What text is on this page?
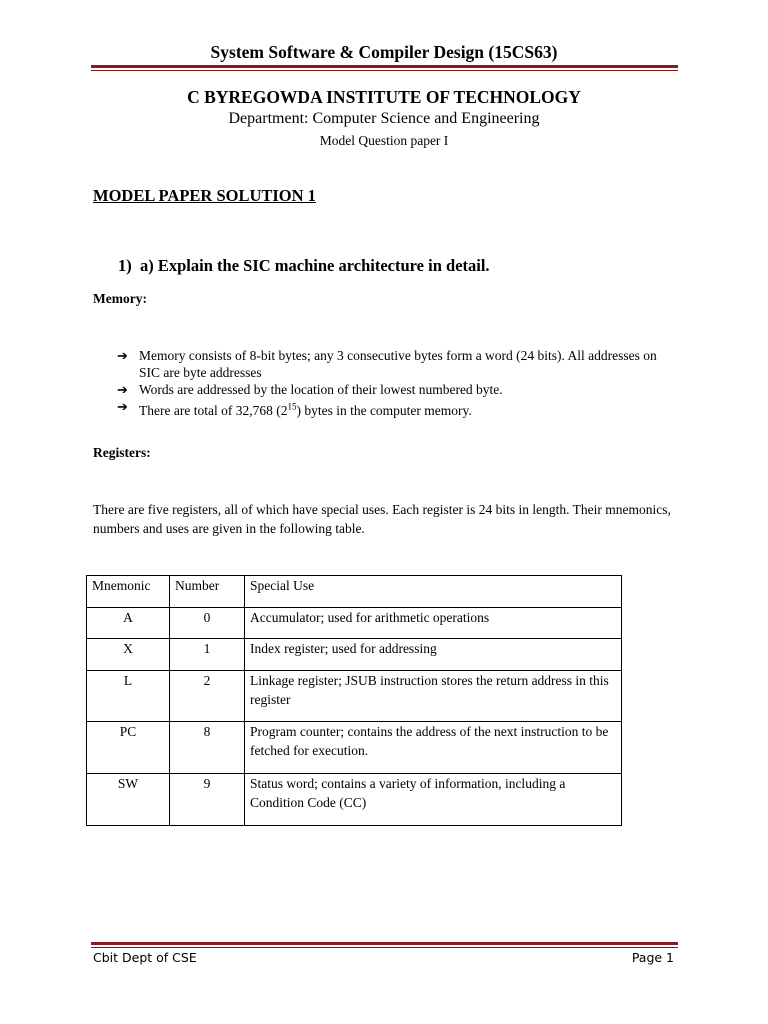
System Software & Compiler Design (15CS63)
C BYREGOWDA INSTITUTE OF TECHNOLOGY
Department: Computer Science and Engineering
Model Question paper I
MODEL PAPER SOLUTION 1
1) a) Explain the SIC machine architecture in detail.
Memory:
➔ Memory consists of 8-bit bytes; any 3 consecutive bytes form a word (24 bits). All addresses on SIC are byte addresses
➔ Words are addressed by the location of their lowest numbered byte.
➔ There are total of 32,768 $(2^{15})$ bytes in the computer memory.
Registers:
There are five registers, all of which have special uses. Each register is 24 bits in length. Their mnemonics, numbers and uses are given in the following table.
Mnemonic	Number	Special Use
A	0	Accumulator; used for arithmetic operations
X	1	Index register; used for addressing
L	2	Linkage register; JSUB instruction stores the return address in this register
PC	8	Program counter; contains the address of the next instruction to be fetched for execution.
SW	9	Status word; contains a variety of information, including a Condition Code (CC)
Cbit Dept of CSE	Page 1
